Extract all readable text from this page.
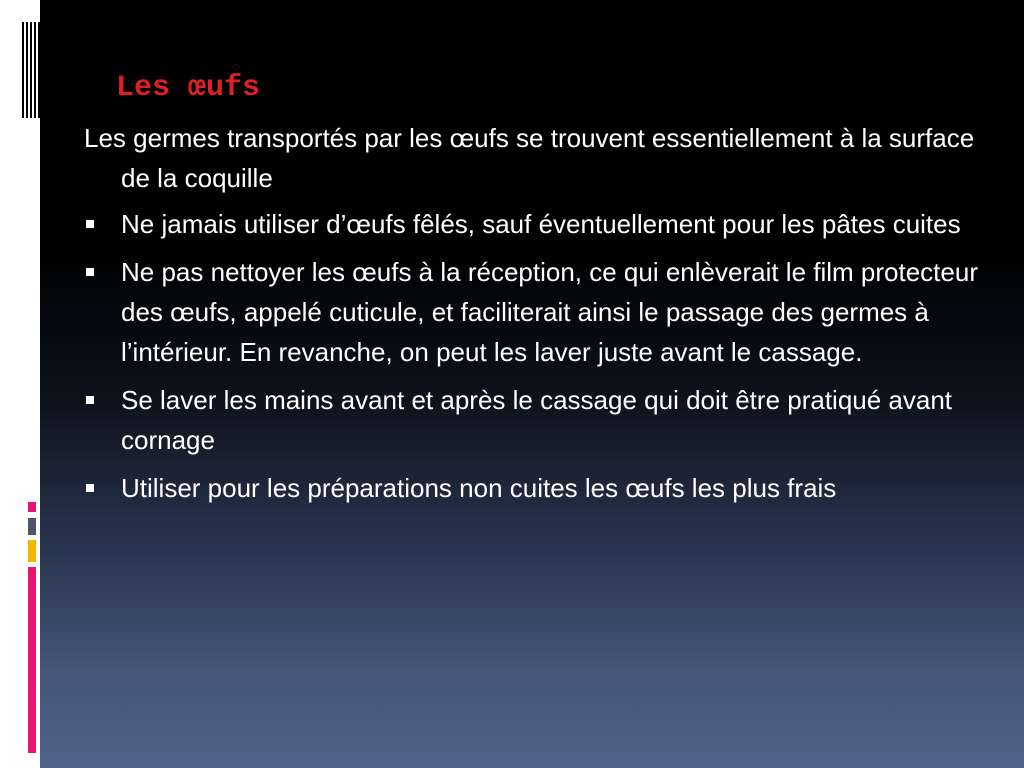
Les œufs

Les germes transportés par les œufs se trouvent essentiellement à la surface de la coquille

Ne jamais utiliser d’œufs fêlés, sauf éventuellement pour les pâtes cuites
Ne pas nettoyer les œufs à la réception, ce qui enlèverait le film protecteur des œufs, appelé cuticule, et faciliterait ainsi le passage des germes à l’intérieur. En revanche, on peut les laver juste avant le cassage.
Se laver les mains avant et après le cassage qui doit être pratiqué avant cornage
Utiliser pour les préparations non cuites les œufs les plus frais
